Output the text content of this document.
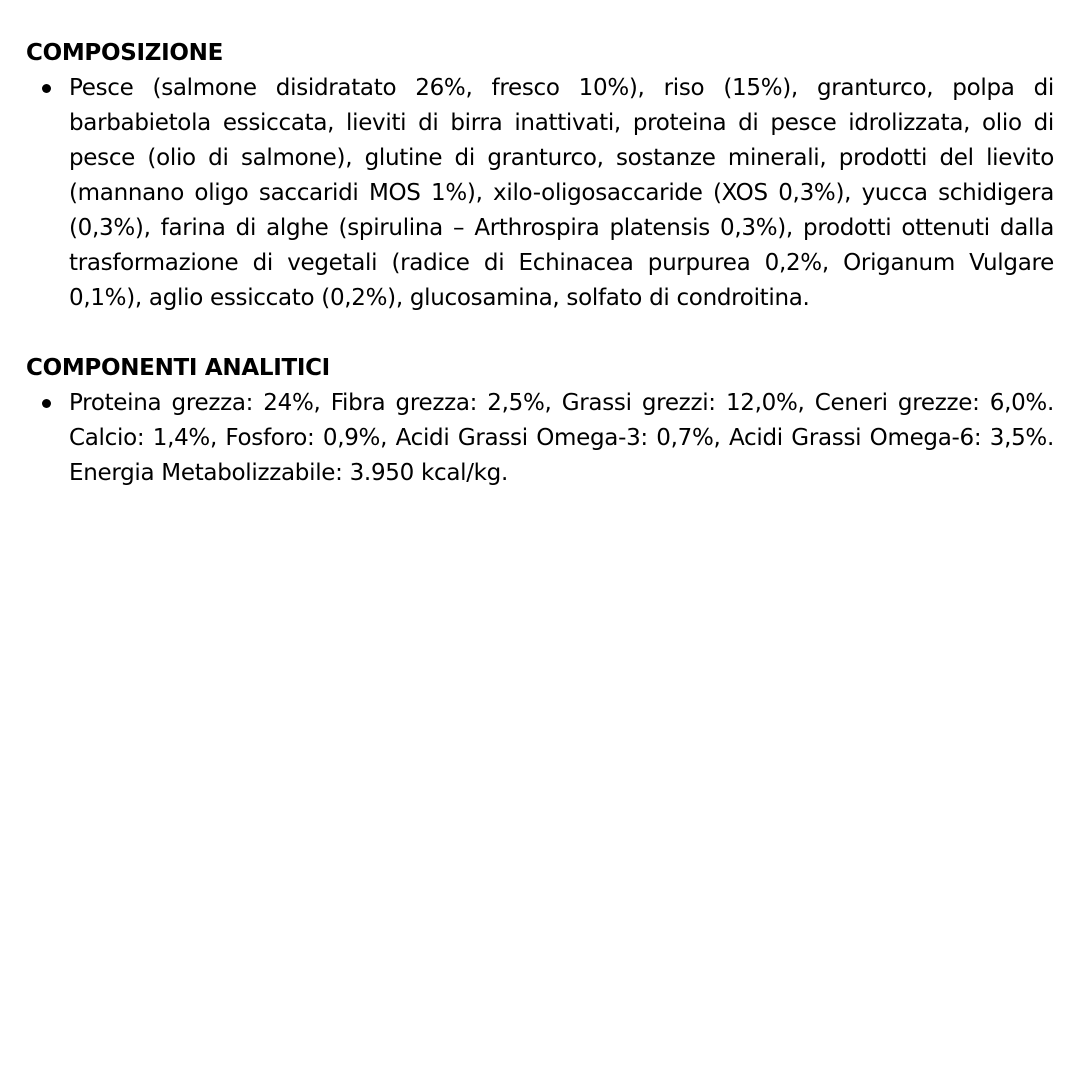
COMPOSIZIONE
Pesce (salmone disidratato 26%, fresco 10%), riso (15%), granturco, polpa di barbabietola essiccata, lieviti di birra inattivati, proteina di pesce idrolizzata, olio di pesce (olio di salmone), glutine di granturco, sostanze minerali, prodotti del lievito (mannano oligo saccaridi MOS 1%), xilo-oligosaccaride (XOS 0,3%), yucca schidigera (0,3%), farina di alghe (spirulina – Arthrospira platensis 0,3%), prodotti ottenuti dalla trasformazione di vegetali (radice di Echinacea purpurea 0,2%, Origanum Vulgare 0,1%), aglio essiccato (0,2%), glucosamina, solfato di condroitina.
COMPONENTI ANALITICI
Proteina grezza: 24%, Fibra grezza: 2,5%, Grassi grezzi: 12,0%, Ceneri grezze: 6,0%. Calcio: 1,4%, Fosforo: 0,9%, Acidi Grassi Omega-3: 0,7%, Acidi Grassi Omega-6: 3,5%. Energia Metabolizzabile: 3.950 kcal/kg.
